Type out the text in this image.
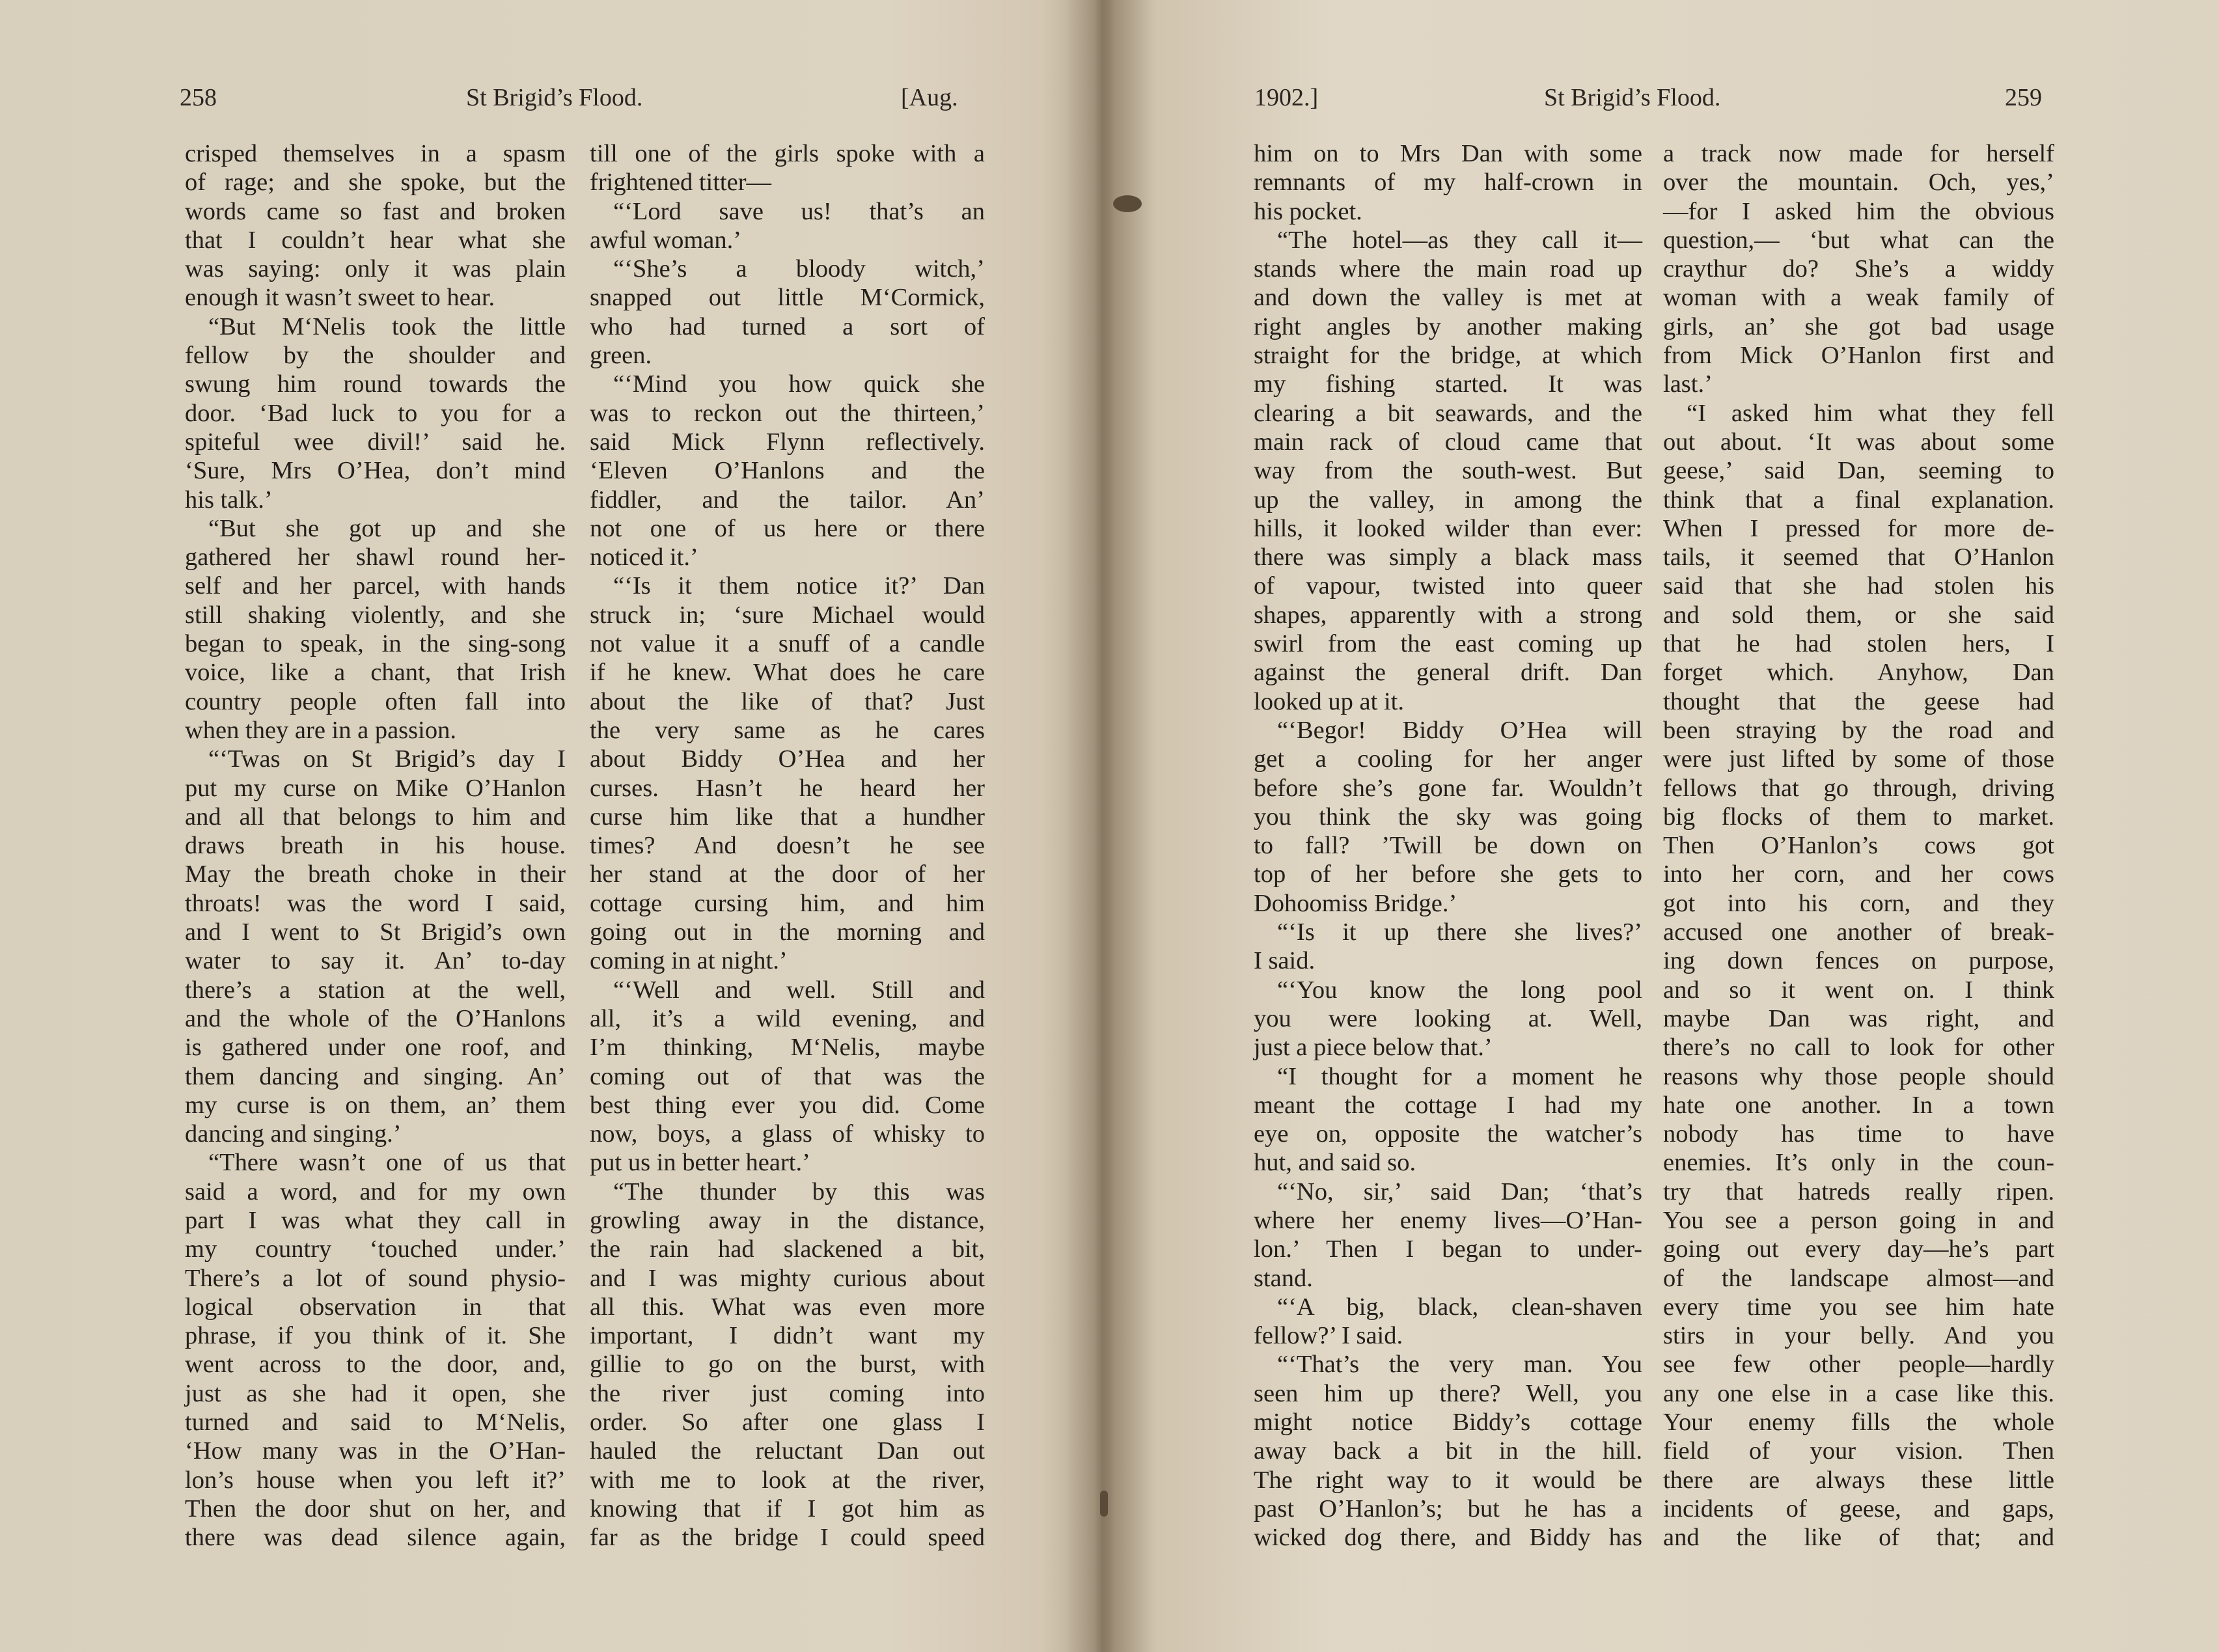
258	St Brigid’s Flood.	[Aug.
crisped themselves in a spasm
of rage; and she spoke, but the
words came so fast and broken
that I couldn’t hear what she
was saying: only it was plain
enough it wasn’t sweet to hear.
“But M‘Nelis took the little
fellow by the shoulder and
swung him round towards the
door. ‘Bad luck to you for a
spiteful wee divil!’ said he.
‘Sure, Mrs O’Hea, don’t mind
his talk.’
“But she got up and she
gathered her shawl round her-
self and her parcel, with hands
still shaking violently, and she
began to speak, in the sing-song
voice, like a chant, that Irish
country people often fall into
when they are in a passion.
“‘Twas on St Brigid’s day I
put my curse on Mike O’Hanlon
and all that belongs to him and
draws breath in his house.
May the breath choke in their
throats! was the word I said,
and I went to St Brigid’s own
water to say it. An’ to-day
there’s a station at the well,
and the whole of the O’Hanlons
is gathered under one roof, and
them dancing and singing. An’
my curse is on them, an’ them
dancing and singing.’
“There wasn’t one of us that
said a word, and for my own
part I was what they call in
my country ‘touched under.’
There’s a lot of sound physio-
logical observation in that
phrase, if you think of it. She
went across to the door, and,
just as she had it open, she
turned and said to M‘Nelis,
‘How many was in the O’Han-
lon’s house when you left it?’
Then the door shut on her, and
there was dead silence again,
till one of the girls spoke with a
frightened titter—
“‘Lord save us! that’s an
awful woman.’
“‘She’s a bloody witch,’
snapped out little M‘Cormick,
who had turned a sort of
green.
“‘Mind you how quick she
was to reckon out the thirteen,’
said Mick Flynn reflectively.
‘Eleven O’Hanlons and the
fiddler, and the tailor. An’
not one of us here or there
noticed it.’
“‘Is it them notice it?’ Dan
struck in; ‘sure Michael would
not value it a snuff of a candle
if he knew. What does he care
about the like of that? Just
the very same as he cares
about Biddy O’Hea and her
curses. Hasn’t he heard her
curse him like that a hundher
times? And doesn’t he see
her stand at the door of her
cottage cursing him, and him
going out in the morning and
coming in at night.’
“‘Well and well. Still and
all, it’s a wild evening, and
I’m thinking, M‘Nelis, maybe
coming out of that was the
best thing ever you did. Come
now, boys, a glass of whisky to
put us in better heart.’
“The thunder by this was
growling away in the distance,
the rain had slackened a bit,
and I was mighty curious about
all this. What was even more
important, I didn’t want my
gillie to go on the burst, with
the river just coming into
order. So after one glass I
hauled the reluctant Dan out
with me to look at the river,
knowing that if I got him as
far as the bridge I could speed
1902.]	St Brigid’s Flood.	259
him on to Mrs Dan with some
remnants of my half-crown in
his pocket.
“The hotel—as they call it—
stands where the main road up
and down the valley is met at
right angles by another making
straight for the bridge, at which
my fishing started. It was
clearing a bit seawards, and the
main rack of cloud came that
way from the south-west. But
up the valley, in among the
hills, it looked wilder than ever:
there was simply a black mass
of vapour, twisted into queer
shapes, apparently with a strong
swirl from the east coming up
against the general drift. Dan
looked up at it.
“‘Begor! Biddy O’Hea will
get a cooling for her anger
before she’s gone far. Wouldn’t
you think the sky was going
to fall? ’Twill be down on
top of her before she gets to
Dohoomiss Bridge.’
“‘Is it up there she lives?’
I said.
“‘You know the long pool
you were looking at. Well,
just a piece below that.’
“I thought for a moment he
meant the cottage I had my
eye on, opposite the watcher’s
hut, and said so.
“‘No, sir,’ said Dan; ‘that’s
where her enemy lives—O’Han-
lon.’ Then I began to under-
stand.
“‘A big, black, clean-shaven
fellow?’ I said.
“‘That’s the very man. You
seen him up there? Well, you
might notice Biddy’s cottage
away back a bit in the hill.
The right way to it would be
past O’Hanlon’s; but he has a
wicked dog there, and Biddy has
a track now made for herself
over the mountain. Och, yes,’
—for I asked him the obvious
question,— ‘but what can the
craythur do? She’s a widdy
woman with a weak family of
girls, an’ she got bad usage
from Mick O’Hanlon first and
last.’
“I asked him what they fell
out about. ‘It was about some
geese,’ said Dan, seeming to
think that a final explanation.
When I pressed for more de-
tails, it seemed that O’Hanlon
said that she had stolen his
and sold them, or she said
that he had stolen hers, I
forget which. Anyhow, Dan
thought that the geese had
been straying by the road and
were just lifted by some of those
fellows that go through, driving
big flocks of them to market.
Then O’Hanlon’s cows got
into her corn, and her cows
got into his corn, and they
accused one another of break-
ing down fences on purpose,
and so it went on. I think
maybe Dan was right, and
there’s no call to look for other
reasons why those people should
hate one another. In a town
nobody has time to have
enemies. It’s only in the coun-
try that hatreds really ripen.
You see a person going in and
going out every day—he’s part
of the landscape almost—and
every time you see him hate
stirs in your belly. And you
see few other people—hardly
any one else in a case like this.
Your enemy fills the whole
field of your vision. Then
there are always these little
incidents of geese, and gaps,
and the like of that; and
